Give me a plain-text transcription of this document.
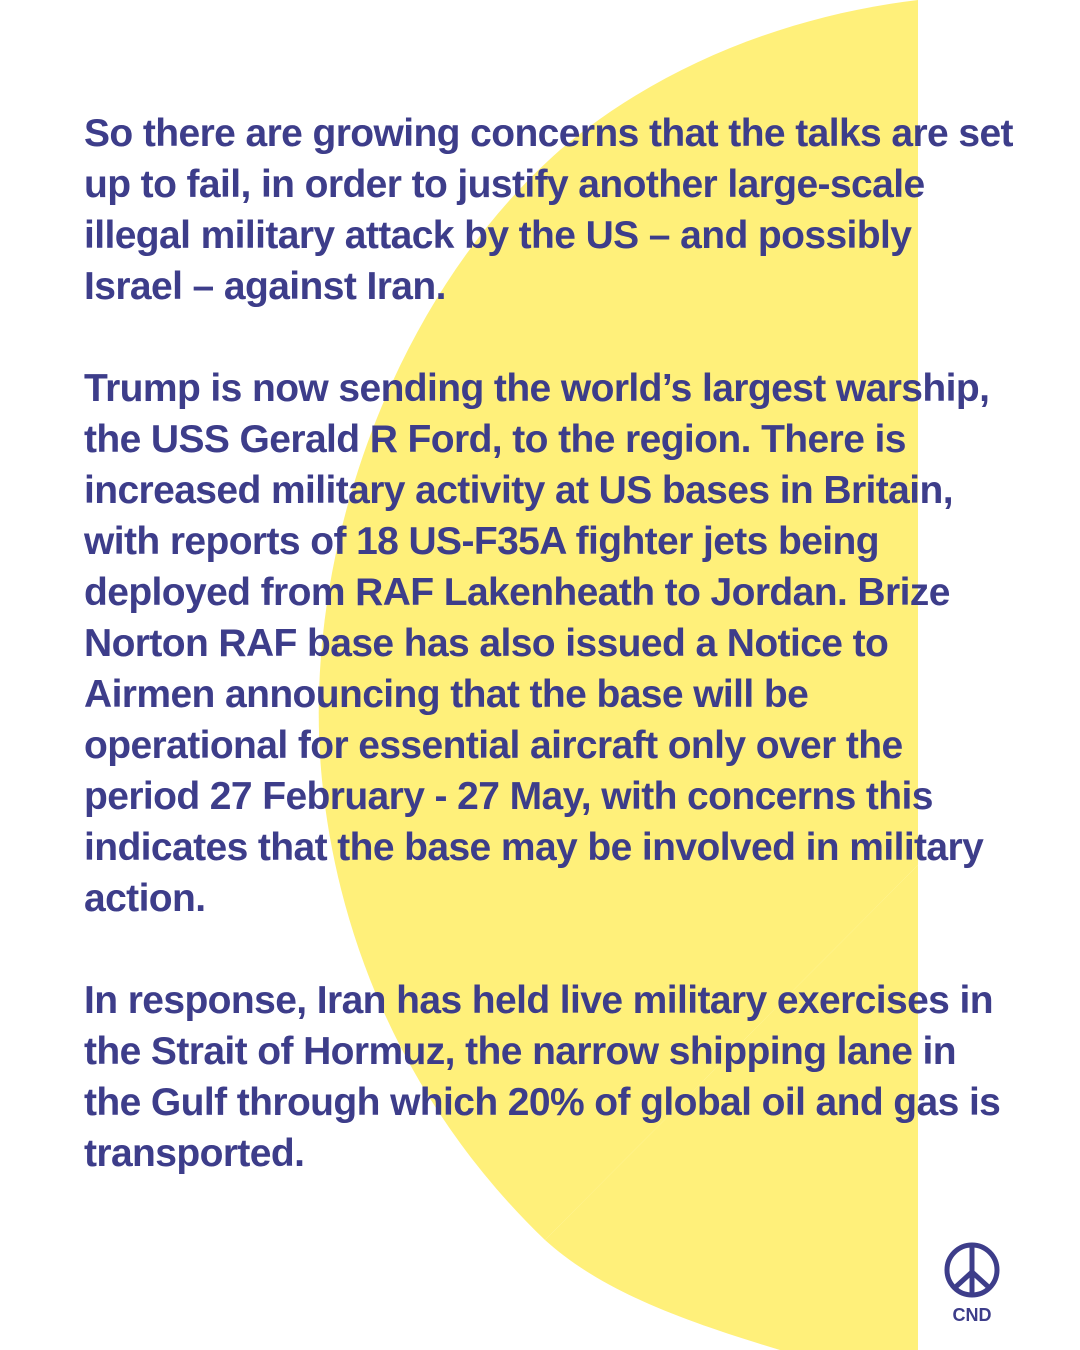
So there are growing concerns that the talks are set up to fail, in order to justify another large-scale illegal military attack by the US – and possibly Israel – against Iran.

Trump is now sending the world’s largest warship, the USS Gerald R Ford, to the region. There is increased military activity at US bases in Britain, with reports of 18 US-F35A fighter jets being deployed from RAF Lakenheath to Jordan. Brize Norton RAF base has also issued a Notice to Airmen announcing that the base will be operational for essential aircraft only over the period 27 February - 27 May, with concerns this indicates that the base may be involved in military action.

In response, Iran has held live military exercises in the Strait of Hormuz, the narrow shipping lane in the Gulf through which 20% of global oil and gas is transported.

CND
